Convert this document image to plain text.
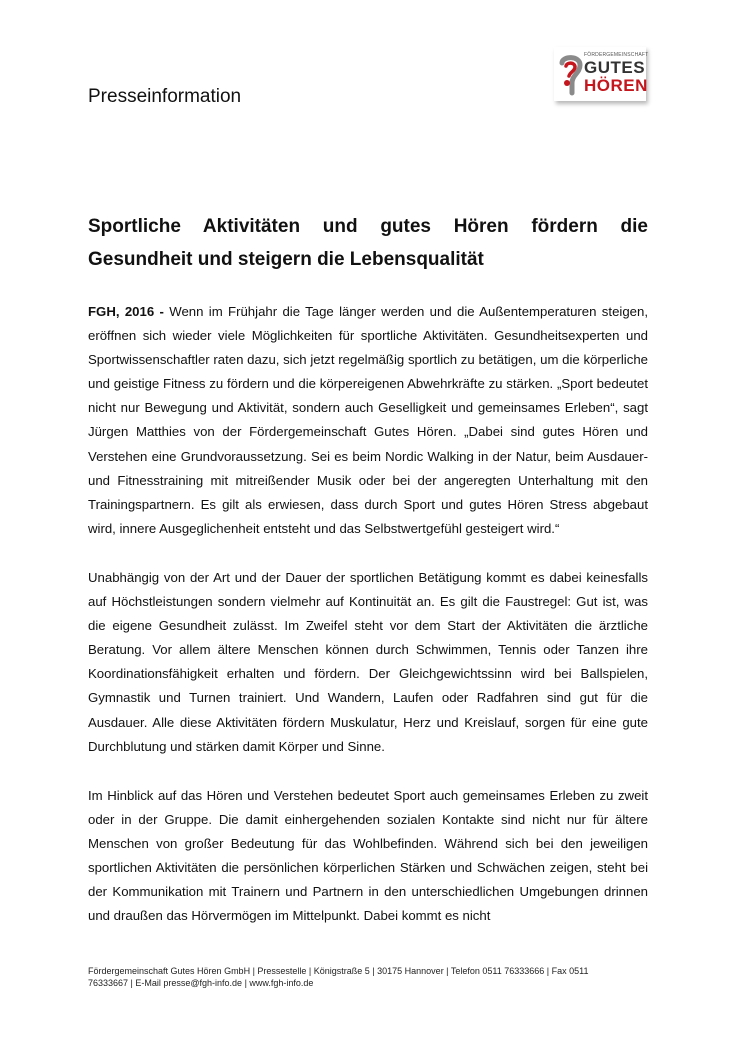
Presseinformation
FÖRDERGEMEINSCHAFT
GUTES
HÖREN
Sportliche Aktivitäten und gutes Hören fördern die Gesundheit und steigern die Lebensqualität

FGH, 2016 - Wenn im Frühjahr die Tage länger werden und die Außentemperaturen steigen, eröffnen sich wieder viele Möglichkeiten für sportliche Aktivitäten. Gesundheitsexperten und Sportwissenschaftler raten dazu, sich jetzt regelmäßig sportlich zu betätigen, um die körperliche und geistige Fitness zu fördern und die körpereigenen Abwehrkräfte zu stärken. „Sport bedeutet nicht nur Bewegung und Aktivität, sondern auch Geselligkeit und gemeinsames Erleben“, sagt Jürgen Matthies von der Fördergemeinschaft Gutes Hören. „Dabei sind gutes Hören und Verstehen eine Grundvoraussetzung. Sei es beim Nordic Walking in der Natur, beim Ausdauer- und Fitnesstraining mit mitreißender Musik oder bei der angeregten Unterhaltung mit den Trainingspartnern. Es gilt als erwiesen, dass durch Sport und gutes Hören Stress abgebaut wird, innere Ausgeglichenheit entsteht und das Selbstwertgefühl gesteigert wird.“

Unabhängig von der Art und der Dauer der sportlichen Betätigung kommt es dabei keinesfalls auf Höchstleistungen sondern vielmehr auf Kontinuität an. Es gilt die Faustregel: Gut ist, was die eigene Gesundheit zulässt. Im Zweifel steht vor dem Start der Aktivitäten die ärztliche Beratung. Vor allem ältere Menschen können durch Schwimmen, Tennis oder Tanzen ihre Koordinationsfähigkeit erhalten und fördern. Der Gleichgewichtssinn wird bei Ballspielen, Gymnastik und Turnen trainiert. Und Wandern, Laufen oder Radfahren sind gut für die Ausdauer. Alle diese Aktivitäten fördern Muskulatur, Herz und Kreislauf, sorgen für eine gute Durchblutung und stärken damit Körper und Sinne.

Im Hinblick auf das Hören und Verstehen bedeutet Sport auch gemeinsames Erleben zu zweit oder in der Gruppe. Die damit einhergehenden sozialen Kontakte sind nicht nur für ältere Menschen von großer Bedeutung für das Wohlbefinden. Während sich bei den jeweiligen sportlichen Aktivitäten die persönlichen körperlichen Stärken und Schwächen zeigen, steht bei der Kommunikation mit Trainern und Partnern in den unterschiedlichen Umgebungen drinnen und draußen das Hörvermögen im Mittelpunkt. Dabei kommt es nicht

Fördergemeinschaft Gutes Hören GmbH | Pressestelle | Königstraße 5 | 30175 Hannover | Telefon 0511 76333666 | Fax 0511
76333667 | E-Mail presse@fgh-info.de | www.fgh-info.de
